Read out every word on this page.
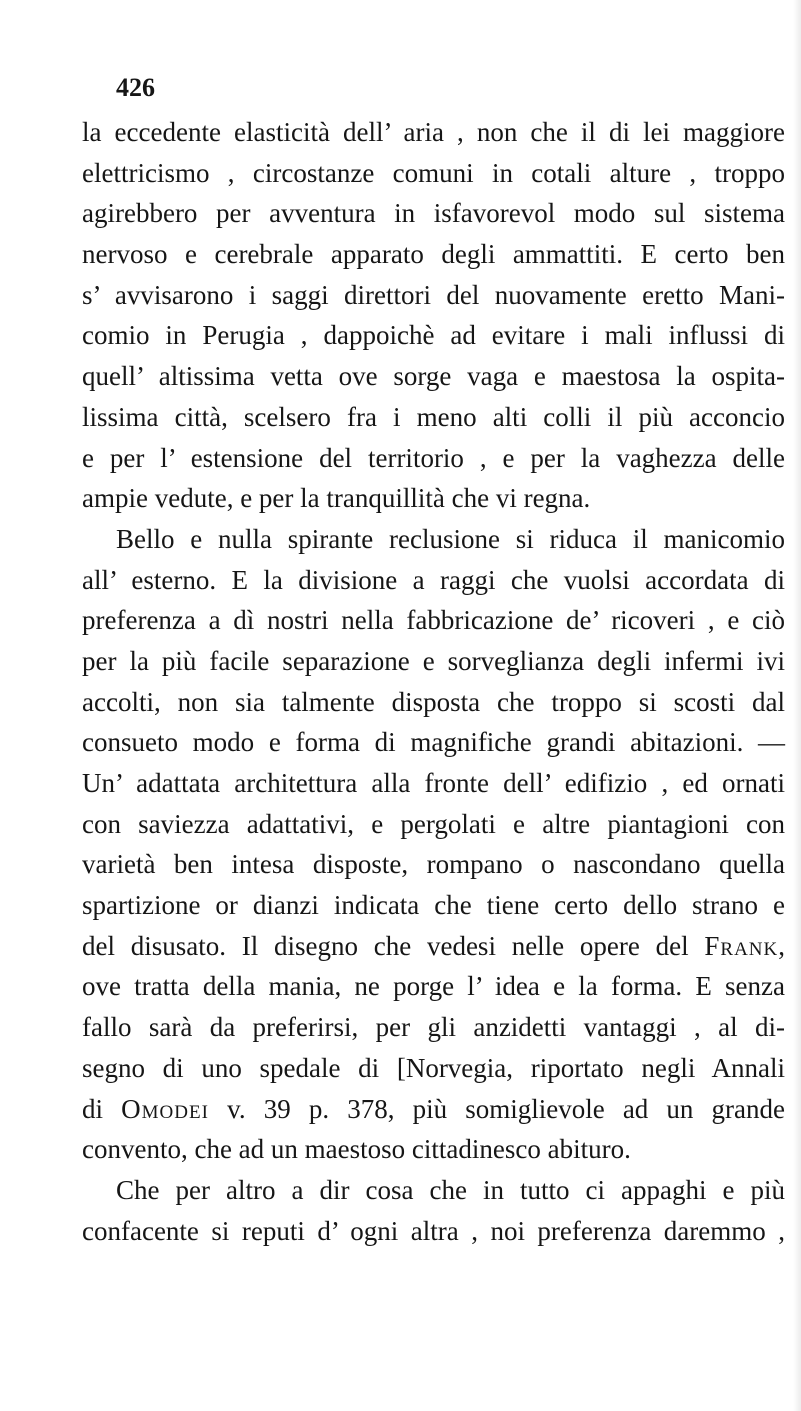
426
la eccedente elasticità dell’ aria , non che il di lei maggiore
elettricismo , circostanze comuni in cotali alture , troppo
agirebbero per avventura in isfavorevol modo sul sistema
nervoso e cerebrale apparato degli ammattiti. E certo ben
s’ avvisarono i saggi direttori del nuovamente eretto Mani-
comio in Perugia , dappoichè ad evitare i mali influssi di
quell’ altissima vetta ove sorge vaga e maestosa la ospita-
lissima città, scelsero fra i meno alti colli il più acconcio
e per l’ estensione del territorio , e per la vaghezza delle
ampie vedute, e per la tranquillità che vi regna.
Bello e nulla spirante reclusione si riduca il manicomio
all’ esterno. E la divisione a raggi che vuolsi accordata di
preferenza a dì nostri nella fabbricazione de’ ricoveri , e ciò
per la più facile separazione e sorveglianza degli infermi ivi
accolti, non sia talmente disposta che troppo si scosti dal
consueto modo e forma di magnifiche grandi abitazioni. —
Un’ adattata architettura alla fronte dell’ edifizio , ed ornati
con saviezza adattativi, e pergolati e altre piantagioni con
varietà ben intesa disposte, rompano o nascondano quella
spartizione or dianzi indicata che tiene certo dello strano e
del disusato. Il disegno che vedesi nelle opere del Frank,
ove tratta della mania, ne porge l’ idea e la forma. E senza
fallo sarà da preferirsi, per gli anzidetti vantaggi , al di-
segno di uno spedale di [Norvegia, riportato negli Annali
di Omodei v. 39 p. 378, più somiglievole ad un grande
convento, che ad un maestoso cittadinesco abituro.
Che per altro a dir cosa che in tutto ci appaghi e più
confacente si reputi d’ ogni altra , noi preferenza daremmo ,
